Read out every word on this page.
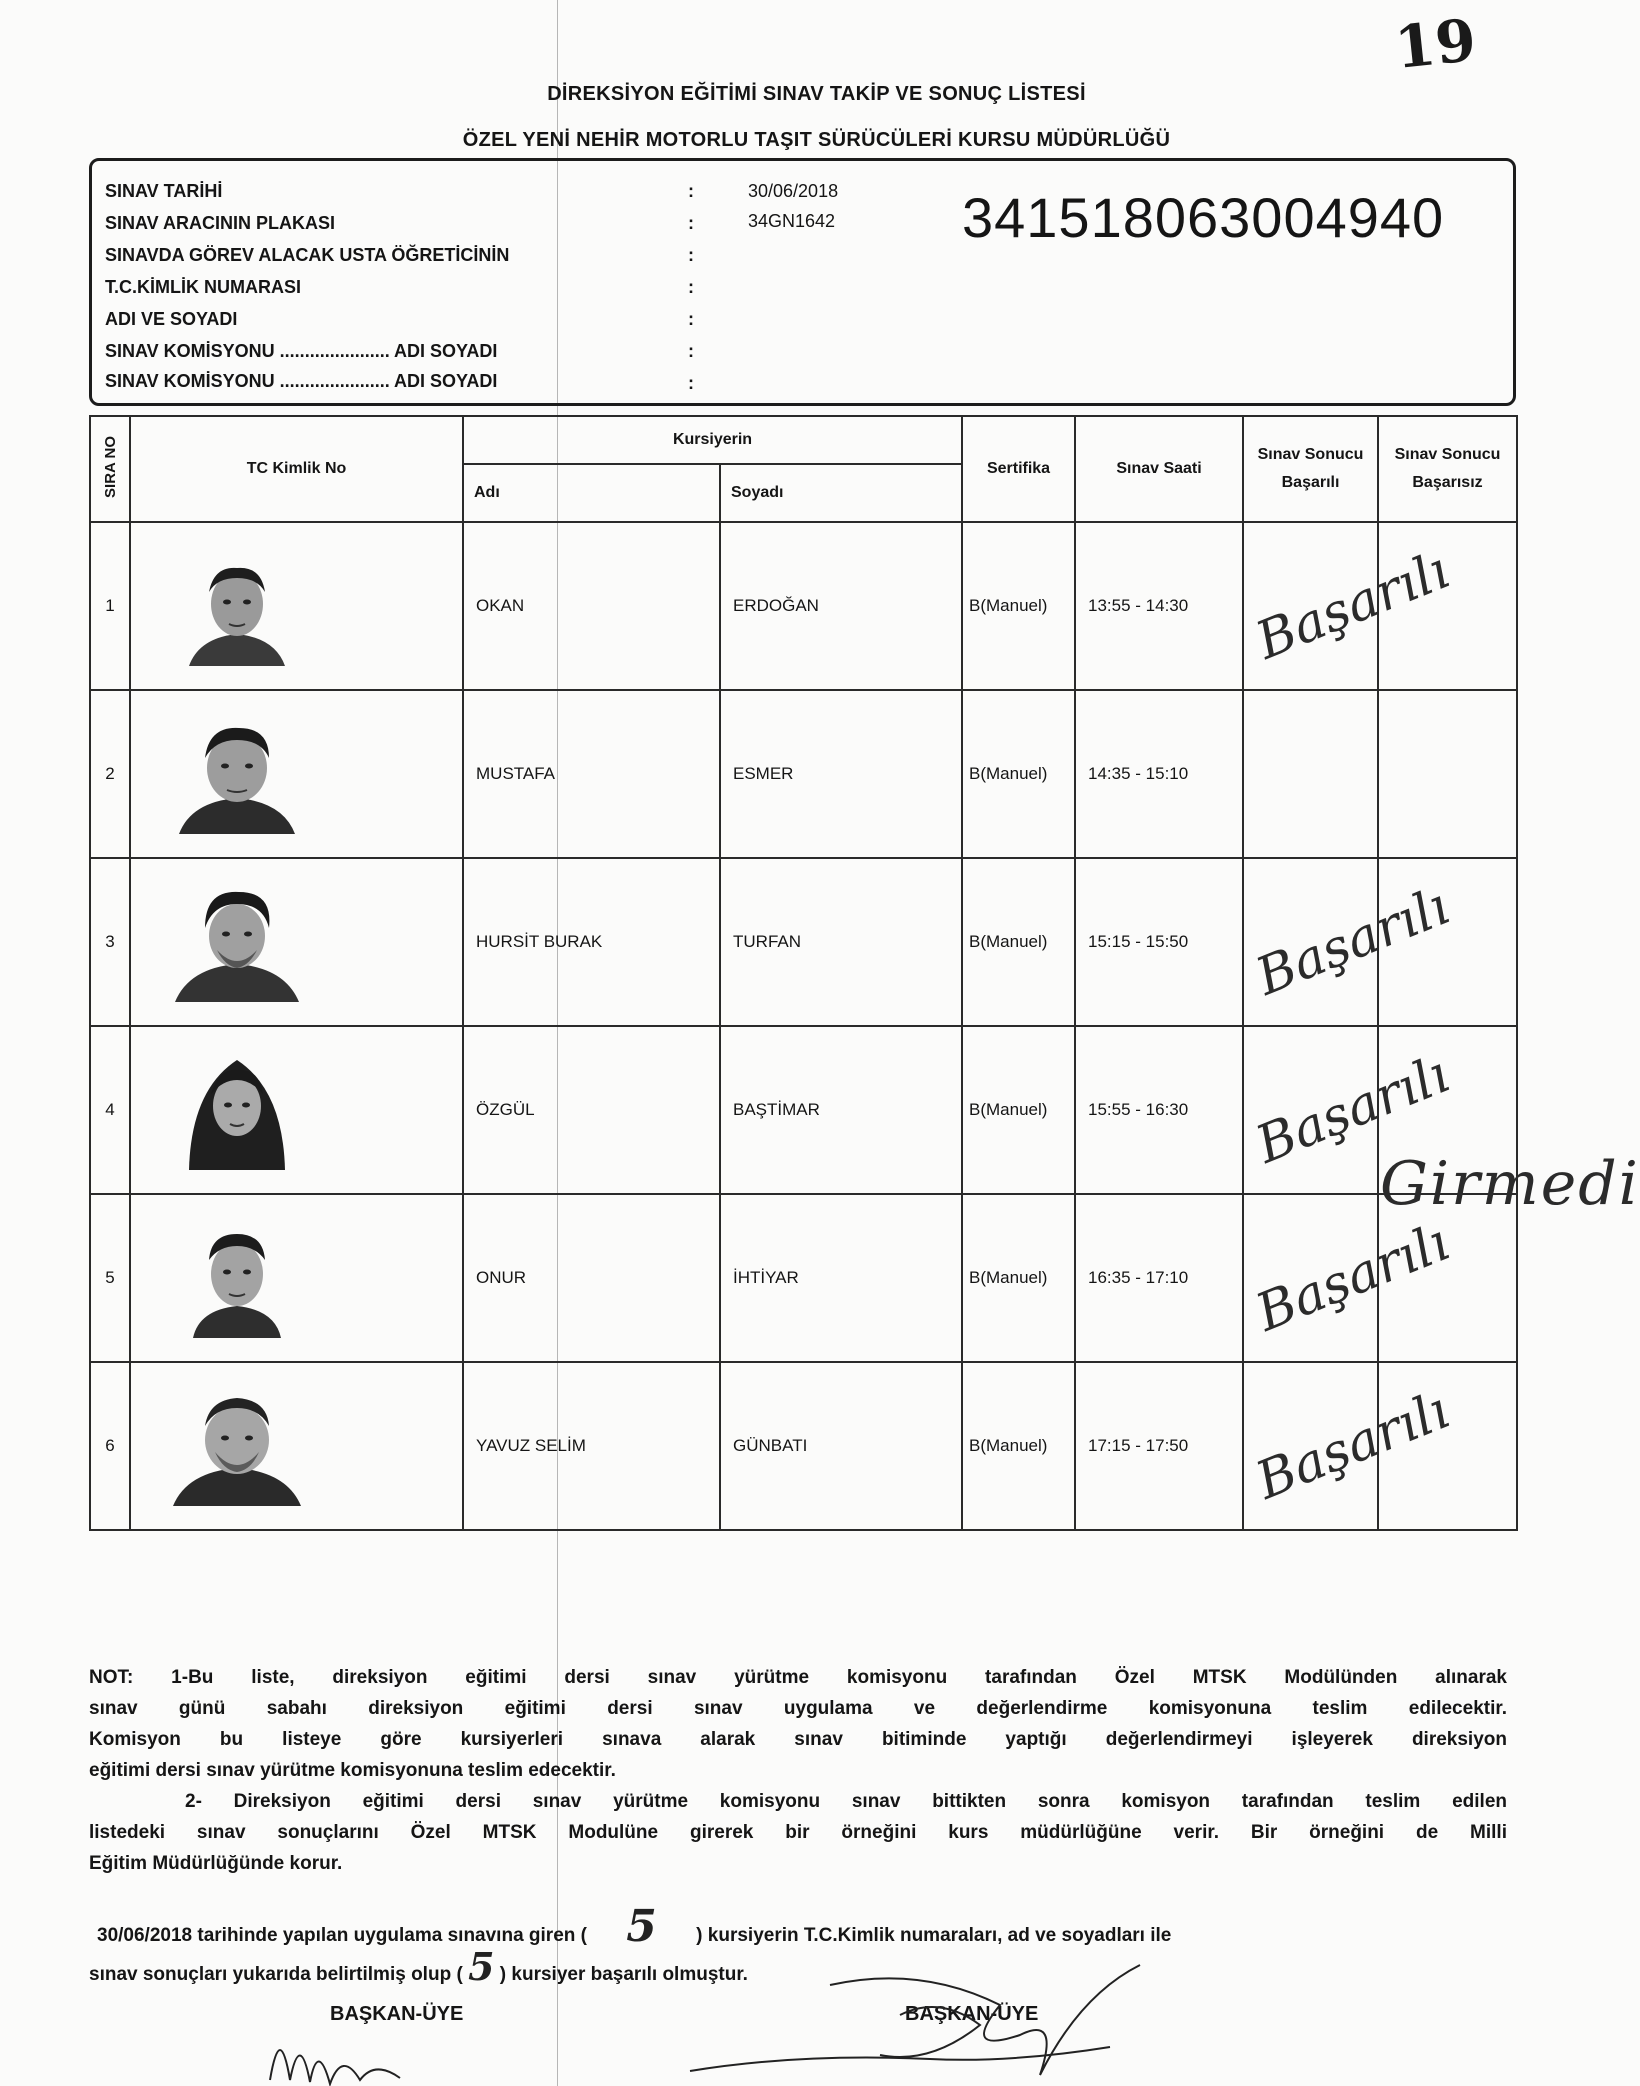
19
DİREKSİYON EĞİTİMİ SINAV TAKİP VE SONUÇ LİSTESİ
ÖZEL YENİ NEHİR MOTORLU TAŞIT SÜRÜCÜLERİ KURSU MÜDÜRLÜĞÜ
SINAV TARİHİ	:	30/06/2018
SINAV ARACININ PLAKASI	:	34GN1642
SINAVDA GÖREV ALACAK USTA ÖĞRETİCİNİN	:
T.C.KİMLİK NUMARASI	:
ADI VE SOYADI	:
SINAV KOMİSYONU ...................... ADI SOYADI	:
SINAV KOMİSYONU ...................... ADI SOYADI	:
341518063004940
SIRA NO	TC Kimlik No	Kursiyerin		Sertifika	Sınav Saati	Sınav Sonucu Başarılı	Sınav Sonucu Başarısız
		Adı	Soyadı				
1		OKAN	ERDOĞAN	B(Manuel)	13:55 - 14:30	Başarılı	
2		MUSTAFA	ESMER	B(Manuel)	14:35 - 15:10	Girmedi	

3		HURSİT BURAK	TURFAN	B(Manuel)	15:15 - 15:50	Başarılı	
4		ÖZGÜL	BAŞTİMAR	B(Manuel)	15:55 - 16:30	Başarılı	
5		ONUR	İHTİYAR	B(Manuel)	16:35 - 17:10	Başarılı	
6		YAVUZ SELİM	GÜNBATI	B(Manuel)	17:15 - 17:50	Başarılı	
NOT: 1-Bu liste, direksiyon eğitimi dersi sınav yürütme komisyonu tarafından Özel MTSK Modülünden alınarak
sınav günü sabahı direksiyon eğitimi dersi sınav uygulama ve değerlendirme komisyonuna teslim edilecektir.
Komisyon bu listeye göre kursiyerleri sınava alarak sınav bitiminde yaptığı değerlendirmeyi işleyerek direksiyon
eğitimi dersi sınav yürütme komisyonuna teslim edecektir.
2- Direksiyon eğitimi dersi sınav yürütme komisyonu sınav bittikten sonra komisyon tarafından teslim edilen
listedeki sınav sonuçlarını Özel MTSK Modulüne girerek bir örneğini kurs müdürlüğüne verir. Bir örneğini de Milli
Eğitim Müdürlüğünde korur.
30/06/2018 tarihinde yapılan uygulama sınavına giren ( 5 ) kursiyerin T.C.Kimlik numaraları, ad ve soyadları ile
sınav sonuçları yukarıda belirtilmiş olup ( 5 ) kursiyer başarılı olmuştur.
BAŞKAN-ÜYE	BAŞKAN-ÜYE
